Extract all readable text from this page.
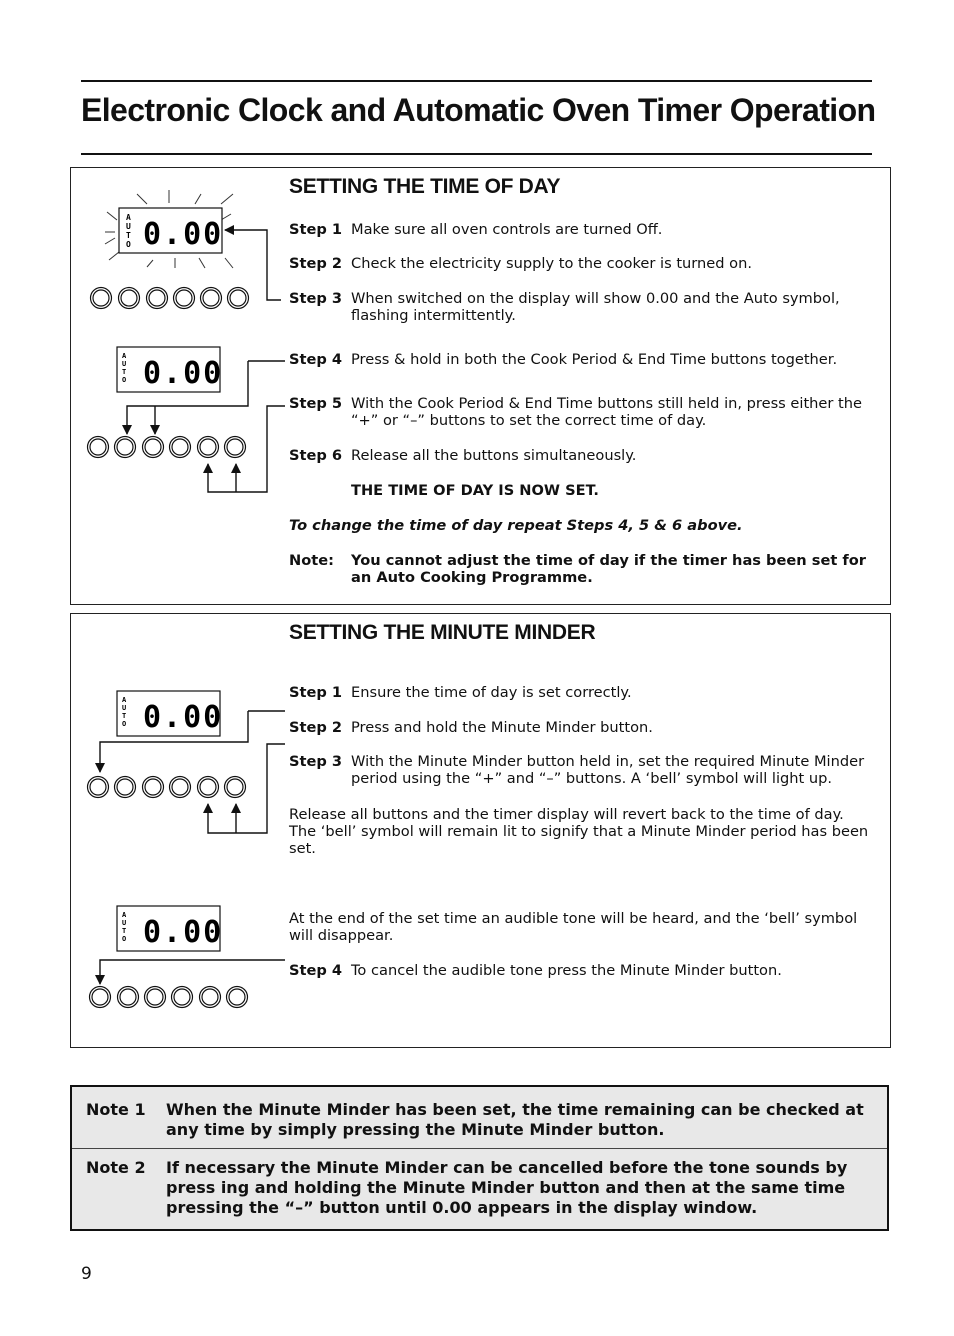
Electronic Clock and Automatic Oven Timer Operation
A
U
T
O 0.00
A
U
T
O 0.00
SETTING THE TIME OF DAY
Step 1 Make sure all oven controls are turned Off.
Step 2 Check the electricity supply to the cooker is turned on.
Step 3 When switched on the display will show 0.00 and the Auto symbol, flashing intermittently.
Step 4 Press & hold in both the Cook Period & End Time buttons together.
Step 5 With the Cook Period & End Time buttons still held in, press either the “+” or “–” buttons to set the correct time of day.
Step 6 Release all the buttons simultaneously.
THE TIME OF DAY IS NOW SET.
To change the time of day repeat Steps 4, 5 & 6 above.
Note: You cannot adjust the time of day if the timer has been set for an Auto Cooking Programme.
A
U
T
O 0.00
A
U
T
O 0.00
SETTING THE MINUTE MINDER
Step 1 Ensure the time of day is set correctly.
Step 2 Press and hold the Minute Minder button.
Step 3 With the Minute Minder button held in, set the required Minute Minder period using the “+” and “–” buttons. A ‘bell’ symbol will light up.
Release all buttons and the timer display will revert back to the time of day.
The ‘bell’ symbol will remain lit to signify that a Minute Minder period has been set.
At the end of the set time an audible tone will be heard, and the ‘bell’ symbol will disappear.
Step 4 To cancel the audible tone press the Minute Minder button.
Note 1 When the Minute Minder has been set, the time remaining can be checked at any time by simply pressing the Minute Minder button.
Note 2 If necessary the Minute Minder can be cancelled before the tone sounds by press ing and holding the Minute Minder button and then at the same time pressing the “–” button until 0.00 appears in the display window.
9
